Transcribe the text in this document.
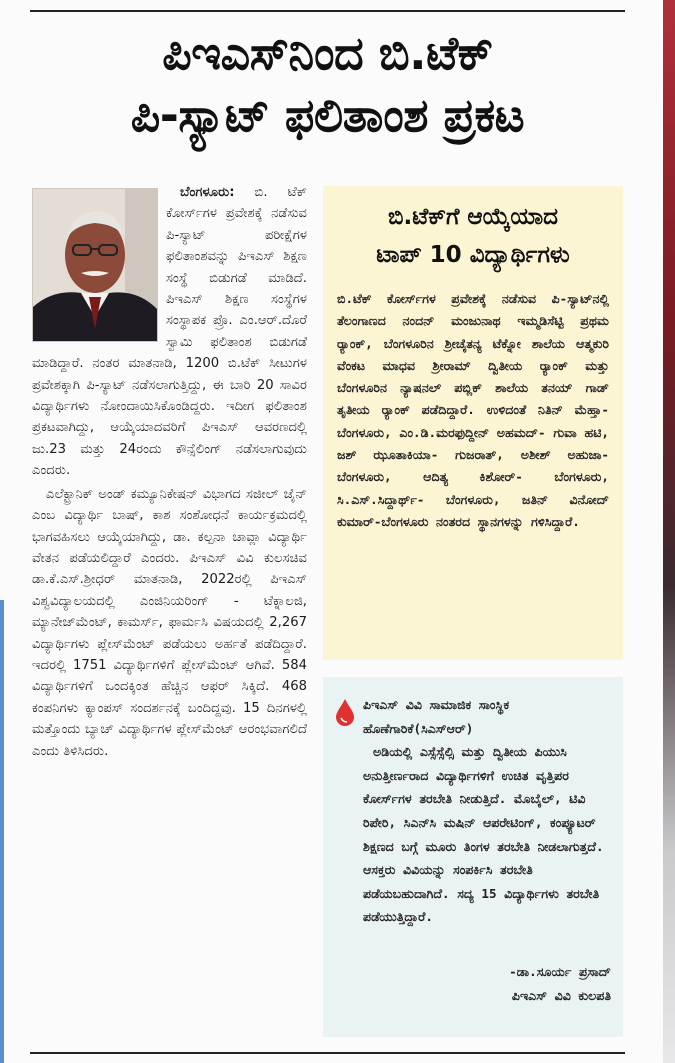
ಪಿಇಎಸ್‌ನಿಂದ ಬಿ.ಟೆಕ್
ಪಿ-ಸ್ಯಾಟ್ ಫಲಿತಾಂಶ ಪ್ರಕಟ

ಬೆಂಗಳೂರು: ಬಿ. ಟೆಕ್ ಕೋರ್ಸ್‌ಗಳ ಪ್ರವೇಶಕ್ಕೆ ನಡೆಸುವ ಪಿ-ಸ್ಯಾಟ್ ಪರೀಕ್ಷೆಗಳ ಫಲಿತಾಂಶವನ್ನು ಪಿಇಎಸ್ ಶಿಕ್ಷಣ ಸಂಸ್ಥೆ ಬಿಡುಗಡೆ ಮಾಡಿದೆ. ಪಿಇಎಸ್ ಶಿಕ್ಷಣ ಸಂಸ್ಥೆಗಳ ಸಂಸ್ಥಾಪಕ ಪ್ರೊ. ಎಂ.ಆರ್.ದೊರೆ ಸ್ವಾಮಿ ಫಲಿತಾಂಶ ಬಿಡುಗಡೆ ಮಾಡಿದ್ದಾರೆ. ನಂತರ ಮಾತನಾಡಿ, 1200 ಬಿ.ಟೆಕ್ ಸೀಟುಗಳ ಪ್ರವೇಶಕ್ಕಾಗಿ ಪಿ-ಸ್ಯಾಟ್ ನಡೆಸಲಾಗುತ್ತಿದ್ದು, ಈ ಬಾರಿ 20 ಸಾವಿರ ವಿದ್ಯಾರ್ಥಿಗಳು ನೋಂದಾಯಿಸಿಕೊಂಡಿದ್ದರು. ಇದೀಗ ಫಲಿತಾಂಶ ಪ್ರಕಟವಾಗಿದ್ದು, ಆಯ್ಕೆಯಾದವರಿಗೆ ಪಿಇಎಸ್ ಆವರಣದಲ್ಲಿ ಜು.23 ಮತ್ತು 24ರಂದು ಕೌನ್ಸೆಲಿಂಗ್ ನಡೆಸಲಾಗುವುದು ಎಂದರು.

ಎಲೆಕ್ಟ್ರಾನಿಕ್ ಅಂಡ್ ಕಮ್ಯೂನಿಕೇಷನ್ ವಿಭಾಗದ ಸಜೀಲ್ ಜೈನ್ ಎಂಬ ವಿದ್ಯಾರ್ಥಿ ಬಾಷ್, ಕಾಶ ಸಂಶೋಧನೆ ಕಾರ್ಯಕ್ರಮದಲ್ಲಿ ಭಾಗವಹಿಸಲು ಆಯ್ಕೆಯಾಗಿದ್ದು, ಡಾ. ಕಲ್ಪನಾ ಚಾವ್ಲಾ ವಿದ್ಯಾರ್ಥಿ ವೇತನ ಪಡೆಯಲಿದ್ದಾರೆ ಎಂದರು. ಪಿಇಎಸ್ ವಿವಿ ಕುಲಸಚಿವ ಡಾ.ಕೆ.ಎಸ್.ಶ್ರೀಧರ್ ಮಾತನಾಡಿ, 2022ರಲ್ಲಿ ಪಿಇಎಸ್ ವಿಶ್ವವಿದ್ಯಾಲಯದಲ್ಲಿ ಎಂಜಿನಿಯರಿಂಗ್ - ಟೆಕ್ನಾಲಜಿ, ಮ್ಯಾನೇಜ್‌ಮೆಂಟ್, ಕಾಮರ್ಸ್, ಫಾರ್ಮಸಿ ವಿಷಯದಲ್ಲಿ 2,267 ವಿದ್ಯಾರ್ಥಿಗಳು ಪ್ಲೇಸ್‌ಮೆಂಟ್ ಪಡೆಯಲು ಅರ್ಹತೆ ಪಡೆದಿದ್ದಾರೆ. ಇದರಲ್ಲಿ 1751 ವಿದ್ಯಾರ್ಥಿಗಳಿಗೆ ಪ್ಲೇಸ್‌ಮೆಂಟ್ ಆಗಿವೆ. 584 ವಿದ್ಯಾರ್ಥಿಗಳಿಗೆ ಒಂದಕ್ಕಿಂತ ಹೆಚ್ಚಿನ ಆಫರ್ ಸಿಕ್ಕಿದೆ. 468 ಕಂಪನಿಗಳು ಕ್ಯಾಂಪಸ್ ಸಂದರ್ಶನಕ್ಕೆ ಬಂದಿದ್ದವು. 15 ದಿನಗಳಲ್ಲಿ ಮತ್ತೊಂದು ಬ್ಯಾಚ್ ವಿದ್ಯಾರ್ಥಿಗಳ ಪ್ಲೇಸ್‌ಮೆಂಟ್ ಆರಂಭವಾಗಲಿದೆ ಎಂದು ತಿಳಿಸಿದರು.

ಬಿ.ಟೆಕ್‌ಗೆ ಆಯ್ಕೆಯಾದ
ಟಾಪ್ 10 ವಿದ್ಯಾರ್ಥಿಗಳು
ಬಿ.ಟೆಕ್ ಕೋರ್ಸ್‌ಗಳ ಪ್ರವೇಶಕ್ಕೆ ನಡೆಸುವ ಪಿ-ಸ್ಯಾಟ್‌ನಲ್ಲಿ ತೆಲಂಗಾಣದ ನಂದನ್ ಮಂಜುನಾಥ ಇಮ್ಮಡಿಸೆಟ್ಟಿ ಪ್ರಥಮ ರ‍್ಯಾಂಕ್, ಬೆಂಗಳೂರಿನ ಶ್ರೀಚೈತನ್ಯ ಟೆಕ್ನೋ ಶಾಲೆಯ ಆತ್ಮಕುರಿ ವೆಂಕಟ ಮಾಧವ ಶ್ರೀರಾಮ್ ದ್ವಿತೀಯ ರ‍್ಯಾಂಕ್ ಮತ್ತು ಬೆಂಗಳೂರಿನ ನ್ಯಾಷನಲ್ ಪಬ್ಲಿಕ್ ಶಾಲೆಯ ತನಯ್ ಗಾಡ್ ತೃತೀಯ ರ‍್ಯಾಂಕ್ ಪಡೆದಿದ್ದಾರೆ. ಉಳಿದಂತೆ ನಿತಿನ್ ಮೆಹ್ತಾ- ಬೆಂಗಳೂರು, ಎಂ.ಡಿ.ಮರಫುದ್ದೀನ್ ಅಹಮದ್- ಗುವಾ ಹಟಿ, ಜಶ್ ಝೂತಾಕಿಯಾ- ಗುಜರಾತ್, ಅಶೀಶ್ ಅಹುಜಾ- ಬೆಂಗಳೂರು, ಆದಿತ್ಯ ಕಿಶೋರ್- ಬೆಂಗಳೂರು, ಸಿ.ಎಸ್.ಸಿದ್ದಾರ್ಥ್- ಬೆಂಗಳೂರು, ಜತಿನ್ ವಿನೋದ್ ಕುಮಾರ್-ಬೆಂಗಳೂರು ನಂತರದ ಸ್ಥಾನಗಳನ್ನು ಗಳಿಸಿದ್ದಾರೆ.
ಪಿಇಎಸ್ ವಿವಿ ಸಾಮಾಜಿಕ ಸಾಂಸ್ಥಿಕ ಹೊಣೆಗಾರಿಕೆ(ಸಿಎಸ್‌ಆರ್)
ಅಡಿಯಲ್ಲಿ ಎಸ್ಸೆಸ್ಸೆಲ್ಸಿ ಮತ್ತು ದ್ವಿತೀಯ ಪಿಯುಸಿ ಅನುತ್ತೀರ್ಣರಾದ ವಿದ್ಯಾರ್ಥಿಗಳಿಗೆ ಉಚಿತ ವೃತ್ತಿಪರ ಕೋರ್ಸ್‌ಗಳ ತರಬೇತಿ ನೀಡುತ್ತಿದೆ. ಮೊಬೈಲ್, ಟಿವಿ ರಿಪೇರಿ, ಸಿಎನ್‌ಸಿ ಮಷಿನ್ ಆಪರೇಟಿಂಗ್, ಕಂಪ್ಯೂಟರ್ ಶಿಕ್ಷಣದ ಬಗ್ಗೆ ಮೂರು ತಿಂಗಳ ತರಬೇತಿ ನೀಡಲಾಗುತ್ತದೆ. ಆಸಕ್ತರು ವಿವಿಯನ್ನು ಸಂಪರ್ಕಿಸಿ ತರಬೇತಿ ಪಡೆಯಬಹುದಾಗಿದೆ. ಸದ್ಯ 15 ವಿದ್ಯಾರ್ಥಿಗಳು ತರಬೇತಿ ಪಡೆಯುತ್ತಿದ್ದಾರೆ.
-ಡಾ.ಸೂರ್ಯ ಪ್ರಸಾದ್
ಪಿಇಎಸ್ ವಿವಿ ಕುಲಪತಿ
